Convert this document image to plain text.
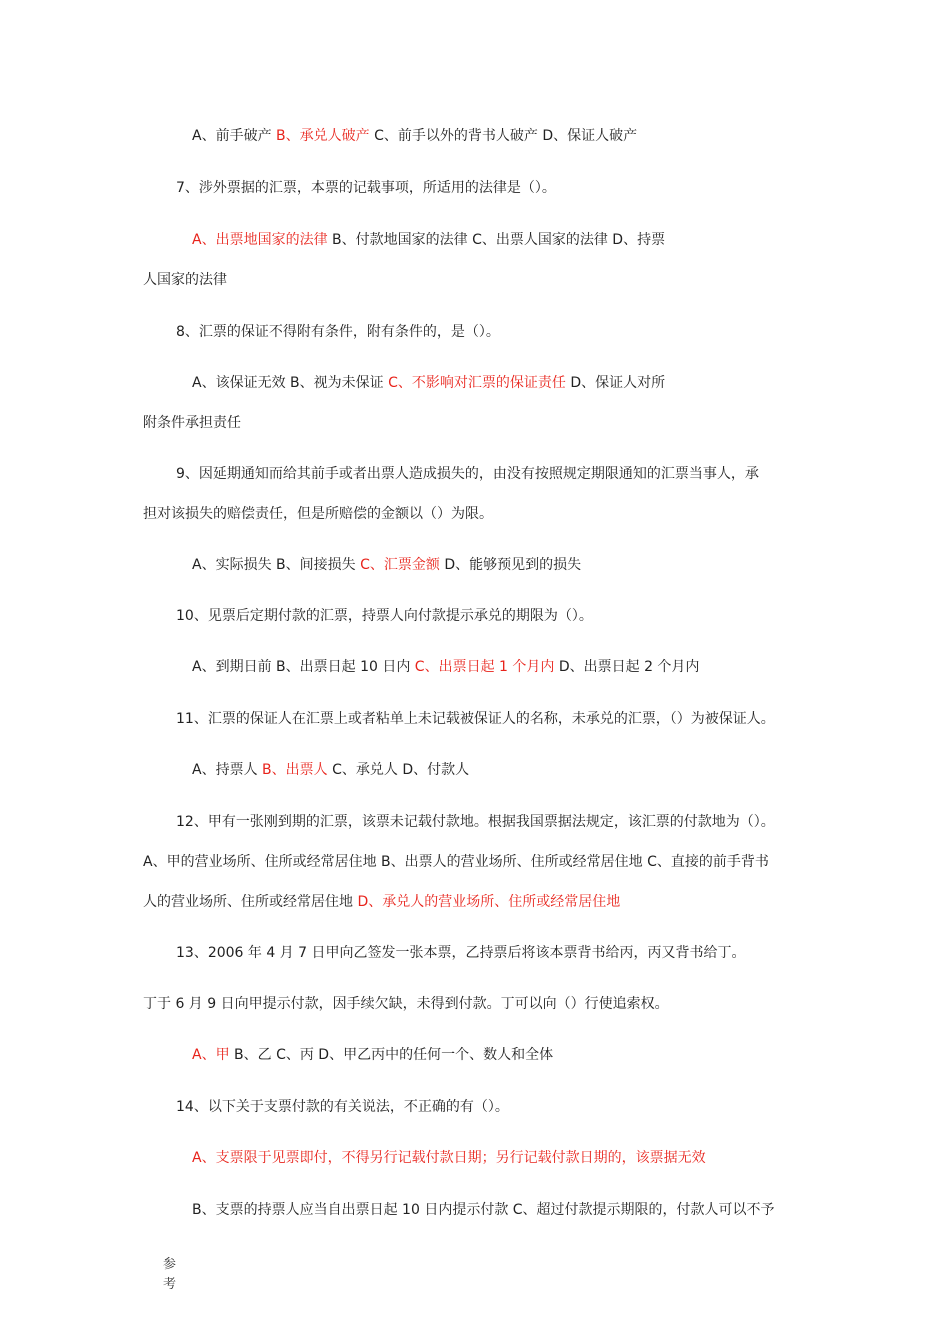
A、前手破产 B、承兑人破产 C、前手以外的背书人破产 D、保证人破产
7、涉外票据的汇票，本票的记载事项，所适用的法律是（）。
A、出票地国家的法律 B、付款地国家的法律 C、出票人国家的法律 D、持票
人国家的法律
8、汇票的保证不得附有条件，附有条件的，是（）。
A、该保证无效 B、视为未保证 C、不影响对汇票的保证责任 D、保证人对所
附条件承担责任
9、因延期通知而给其前手或者出票人造成损失的，由没有按照规定期限通知的汇票当事人，承
担对该损失的赔偿责任，但是所赔偿的金额以（）为限。
A、实际损失 B、间接损失 C、汇票金额 D、能够预见到的损失
10、见票后定期付款的汇票，持票人向付款提示承兑的期限为（）。
A、到期日前 B、出票日起 10 日内 C、出票日起 1 个月内 D、出票日起 2 个月内
11、汇票的保证人在汇票上或者粘单上未记载被保证人的名称，未承兑的汇票，（）为被保证人。
A、持票人 B、出票人 C、承兑人 D、付款人
12、甲有一张刚到期的汇票，该票未记载付款地。根据我国票据法规定，该汇票的付款地为（）。
A、甲的营业场所、住所或经常居住地 B、出票人的营业场所、住所或经常居住地 C、直接的前手背书
人的营业场所、住所或经常居住地 D、承兑人的营业场所、住所或经常居住地
13、2006 年 4 月 7 日甲向乙签发一张本票，乙持票后将该本票背书给丙，丙又背书给丁。
丁于 6 月 9 日向甲提示付款，因手续欠缺，未得到付款。丁可以向（）行使追索权。
A、甲 B、乙 C、丙 D、甲乙丙中的任何一个、数人和全体
14、以下关于支票付款的有关说法，不正确的有（）。
A、支票限于见票即付，不得另行记载付款日期；另行记载付款日期的，该票据无效
B、支票的持票人应当自出票日起 10 日内提示付款 C、超过付款提示期限的，付款人可以不予
参
考
